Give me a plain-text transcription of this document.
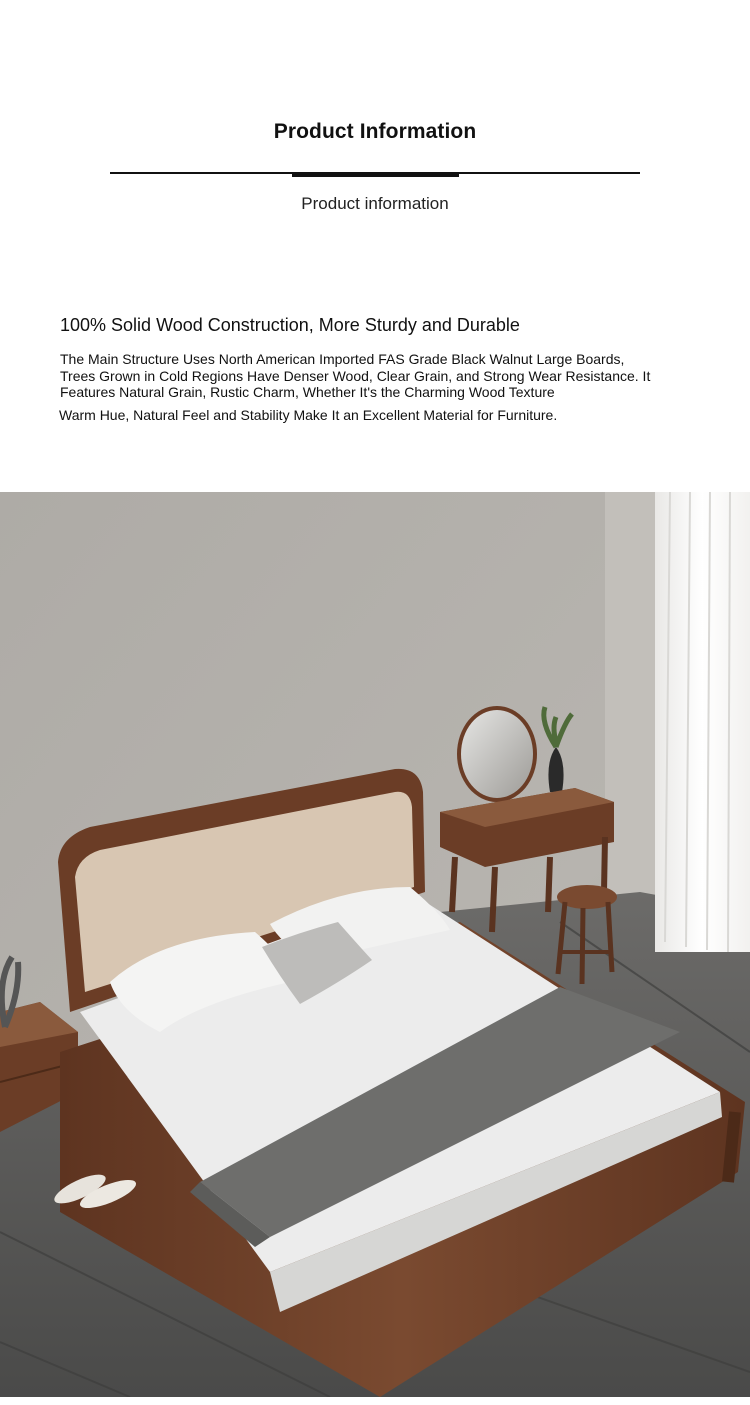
Product Information
Product information
100% Solid Wood Construction, More Sturdy and Durable
The Main Structure Uses North American Imported FAS Grade Black Walnut Large Boards,
Trees Grown in Cold Regions Have Denser Wood, Clear Grain, and Strong Wear Resistance. It
Features Natural Grain, Rustic Charm, Whether It's the Charming Wood Texture
Warm Hue, Natural Feel and Stability Make It an Excellent Material for Furniture.
